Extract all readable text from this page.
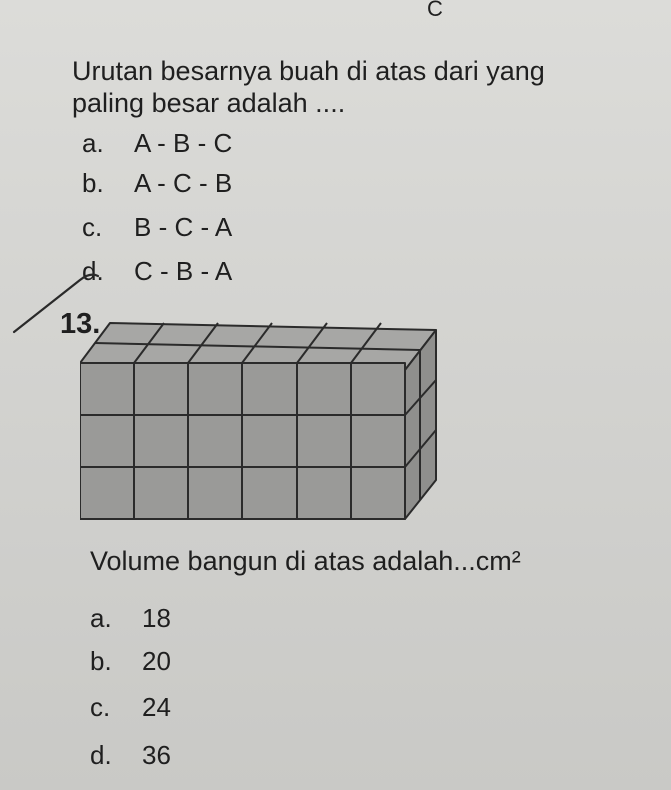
C
Urutan besarnya buah di atas dari yang
paling besar adalah ....
a. A - B - C
b. A - C - B
c. B - C - A
d. C - B - A
13.
Volume bangun di atas adalah...cm²
a. 18
b. 20
c. 24
d. 36
